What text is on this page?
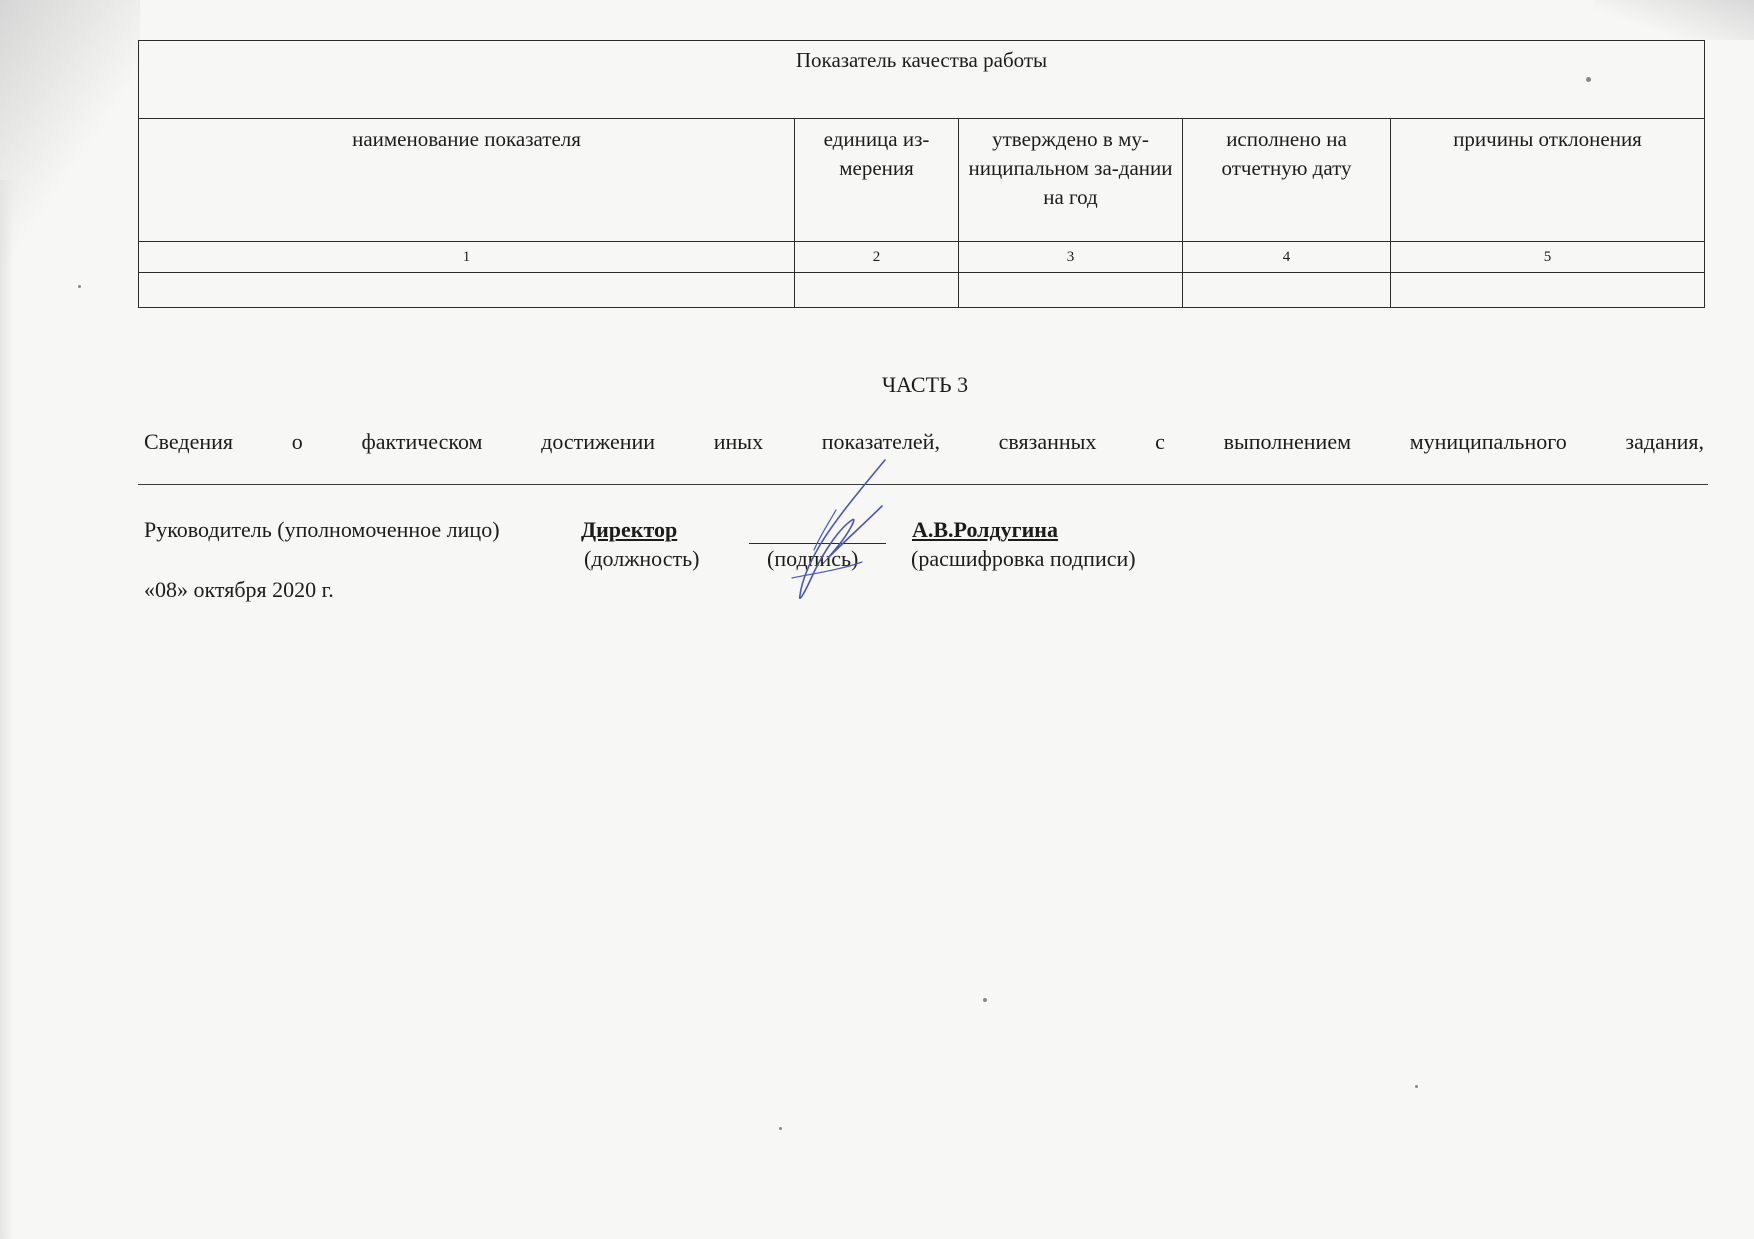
Показатель качества работы				
наименование показателя	единица из-мерения	утверждено в му-ниципальном за-дании на год	исполнено на отчетную дату	причины отклонения
1	2	3	4	5

ЧАСТЬ 3
Сведения о фактическом достижении иных показателей, связанных с выполнением муниципального задания,
Руководитель (уполномоченное лицо)	Директор	А.В.Ролдугина
(должность)	(подпись) (расшифровка подписи)
«08» октября 2020 г.
